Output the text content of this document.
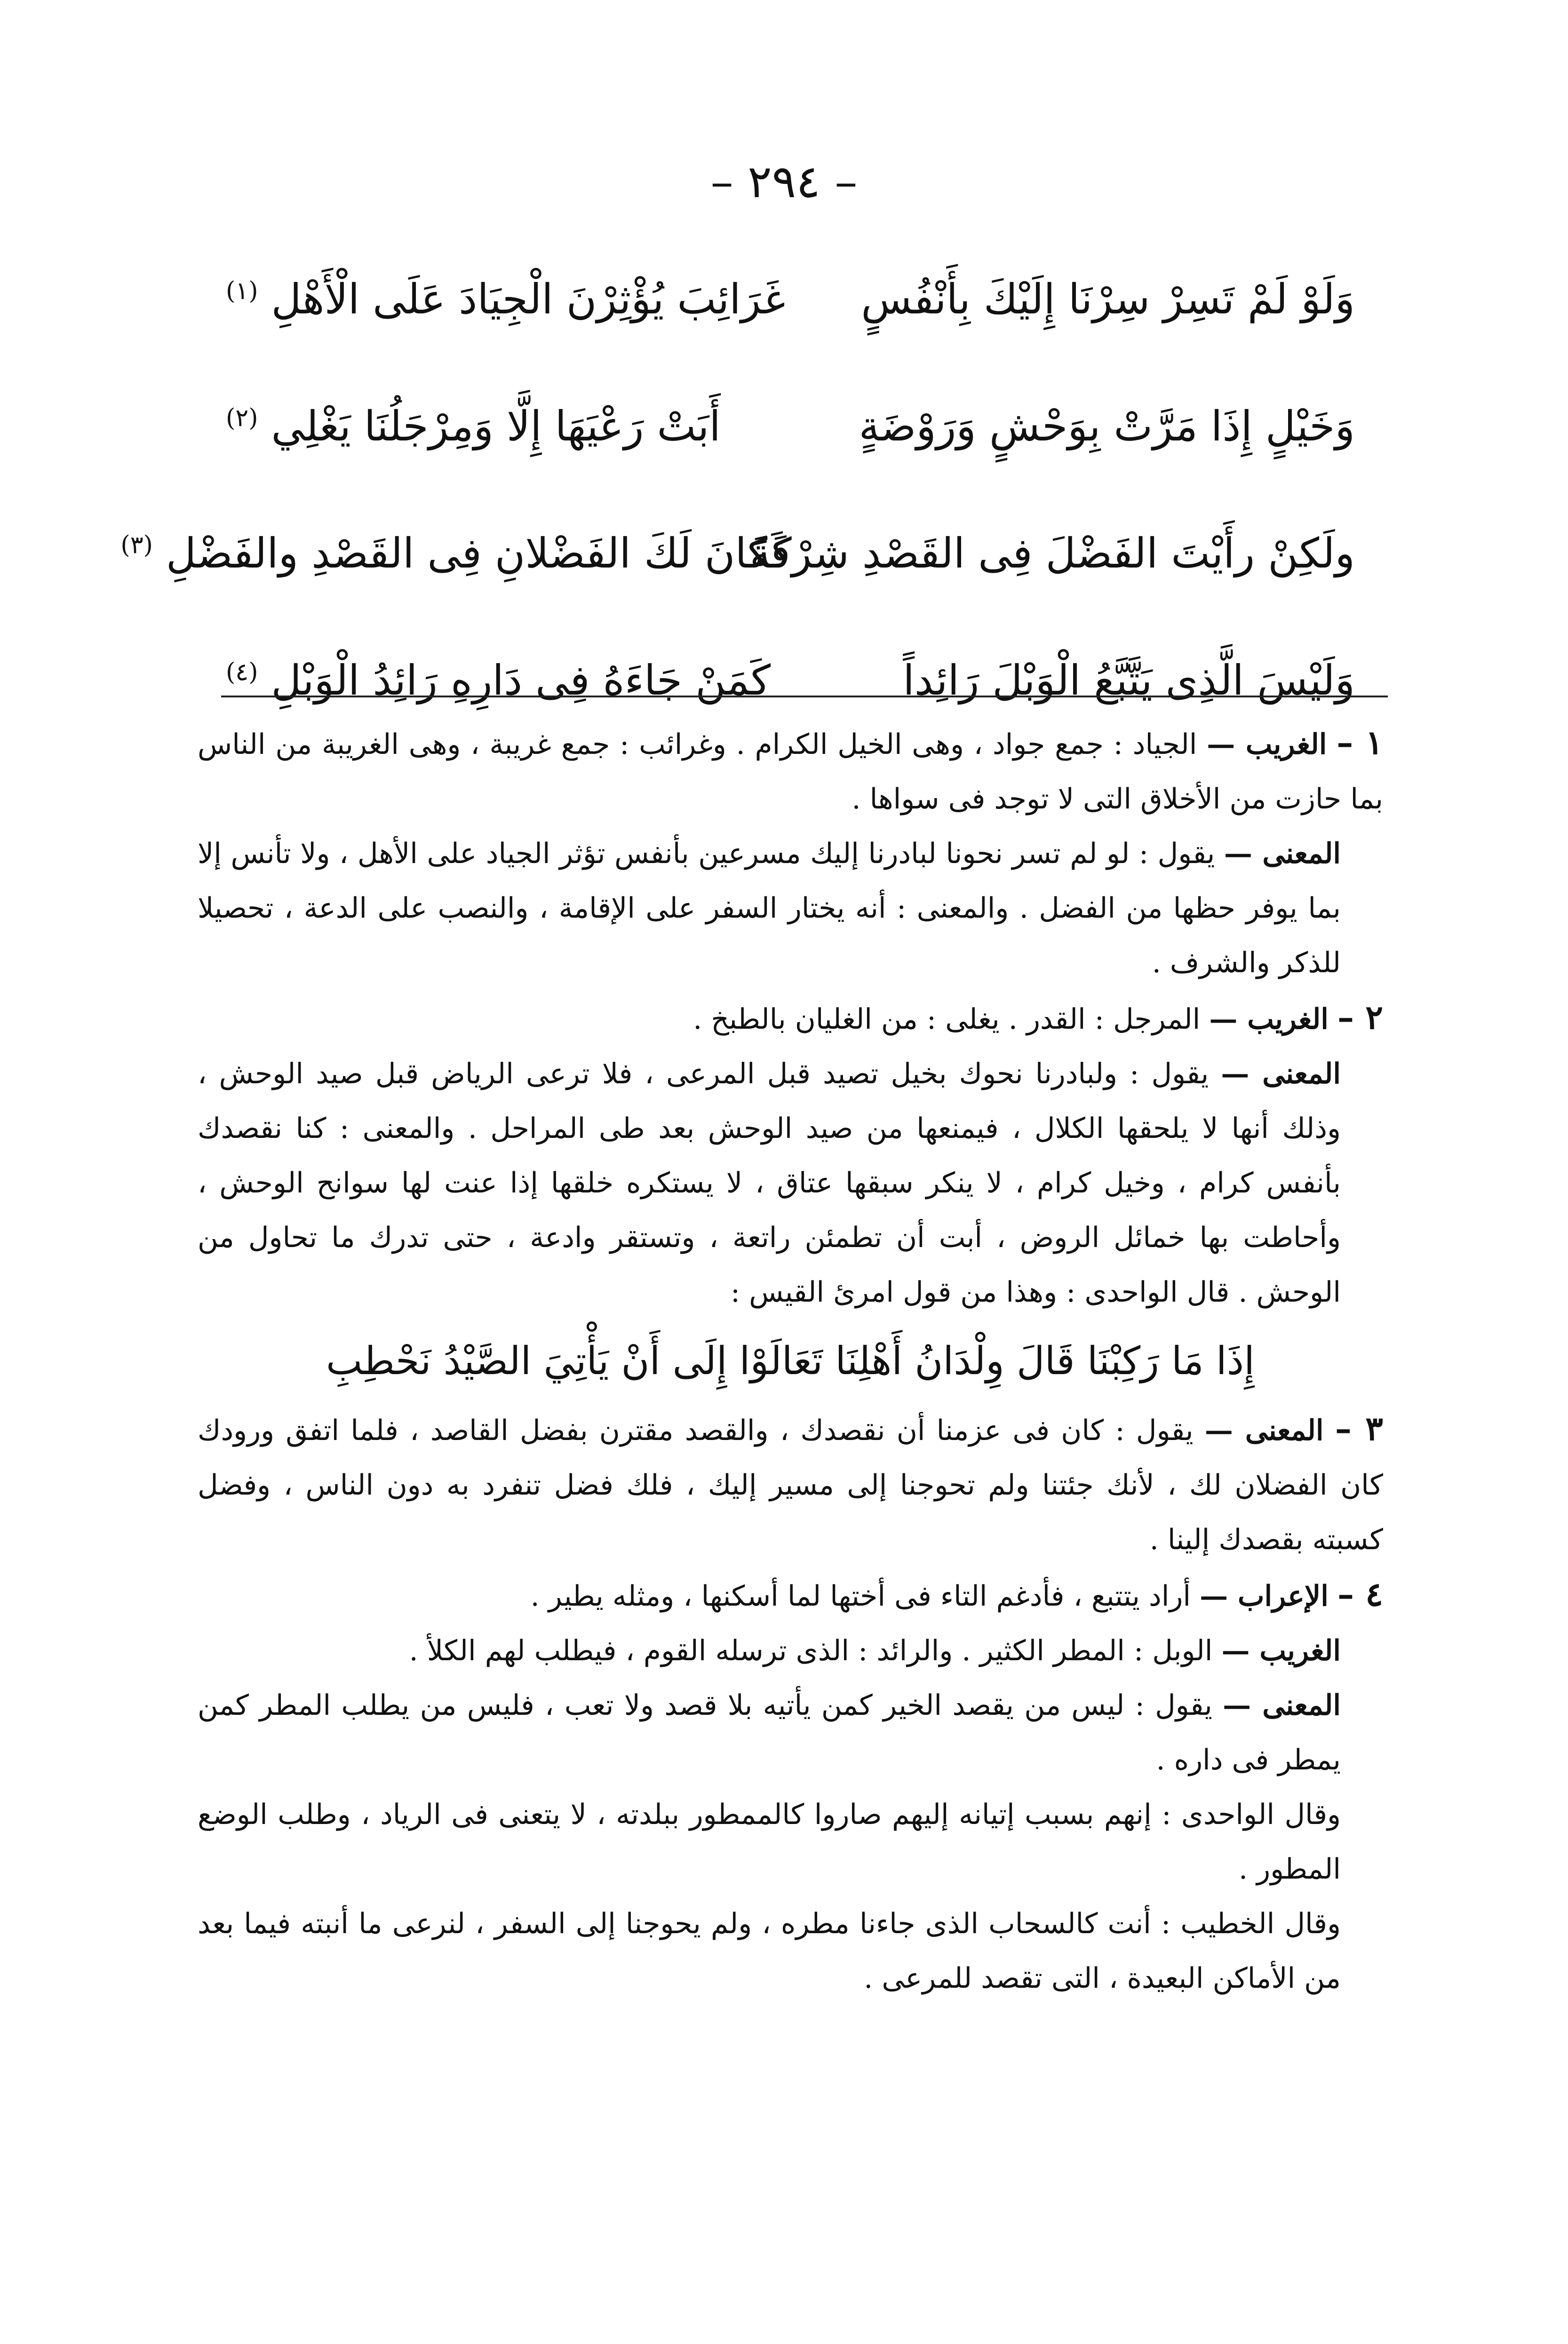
– ٢٩٤ –
وَلَوْ لَمْ تَسِرْ سِرْنَا إِلَيْكَ بِأَنْفُسٍ
غَرَائِبَ يُؤْثِرْنَ الْجِيَادَ عَلَى الْأَهْلِ $^{(١)}$
وَخَيْلٍ إِذَا مَرَّتْ بِوَحْشٍ وَرَوْضَةٍ
أَبَتْ رَعْيَهَا إِلَّا وَمِرْجَلُنَا يَغْلِي $^{(٢)}$
ولَكِنْ رأَيْتَ الفَضْلَ فِى القَصْدِ شِرْكَةً
فَكانَ لَكَ الفَضْلانِ فِى القَصْدِ والفَضْلِ $^{(٣)}$
وَلَيْسَ الَّذِى يَتَّبَّعُ الْوَبْلَ رَائِداً
كَمَنْ جَاءَهُ فِى دَارِهِ رَائِدُ الْوَبْلِ $^{(٤)}$

١ – الغريب — الجياد : جمع جواد ، وهى الخيل الكرام . وغرائب : جمع غريبة ، وهى الغريبة من الناس بما حازت من الأخلاق التى لا توجد فى سواها .

المعنى — يقول : لو لم تسر نحونا لبادرنا إليك مسرعين بأنفس تؤثر الجياد على الأهل ، ولا تأنس إلا بما يوفر حظها من الفضل . والمعنى : أنه يختار السفر على الإقامة ، والنصب على الدعة ، تحصيلا للذكر والشرف .

٢ – الغريب — المرجل : القدر . يغلى : من الغليان بالطبخ .

المعنى — يقول : ولبادرنا نحوك بخيل تصيد قبل المرعى ، فلا ترعى الرياض قبل صيد الوحش ، وذلك أنها لا يلحقها الكلال ، فيمنعها من صيد الوحش بعد طى المراحل . والمعنى : كنا نقصدك بأنفس كرام ، وخيل كرام ، لا ينكر سبقها عتاق ، لا يستكره خلقها إذا عنت لها سوانح الوحش ، وأحاطت بها خمائل الروض ، أبت أن تطمئن راتعة ، وتستقر وادعة ، حتى تدرك ما تحاول من الوحش . قال الواحدى : وهذا من قول امرئ القيس :

إِذَا مَا رَكِبْنَا قَالَ وِلْدَانُ أَهْلِنَا تَعَالَوْا إِلَى أَنْ يَأْتِيَ الصَّيْدُ نَحْطِبِ

٣ – المعنى — يقول : كان فى عزمنا أن نقصدك ، والقصد مقترن بفضل القاصد ، فلما اتفق ورودك كان الفضلان لك ، لأنك جئتنا ولم تحوجنا إلى مسير إليك ، فلك فضل تنفرد به دون الناس ، وفضل كسبته بقصدك إلينا .

٤ – الإعراب — أراد يتتبع ، فأدغم التاء فى أختها لما أسكنها ، ومثله يطير .

الغريب — الوبل : المطر الكثير . والرائد : الذى ترسله القوم ، فيطلب لهم الكلأ .

المعنى — يقول : ليس من يقصد الخير كمن يأتيه بلا قصد ولا تعب ، فليس من يطلب المطر كمن يمطر فى داره .

وقال الواحدى : إنهم بسبب إتيانه إليهم صاروا كالممطور ببلدته ، لا يتعنى فى الرياد ، وطلب الوضع المطور .

وقال الخطيب : أنت كالسحاب الذى جاءنا مطره ، ولم يحوجنا إلى السفر ، لنرعى ما أنبته فيما بعد من الأماكن البعيدة ، التى تقصد للمرعى .
